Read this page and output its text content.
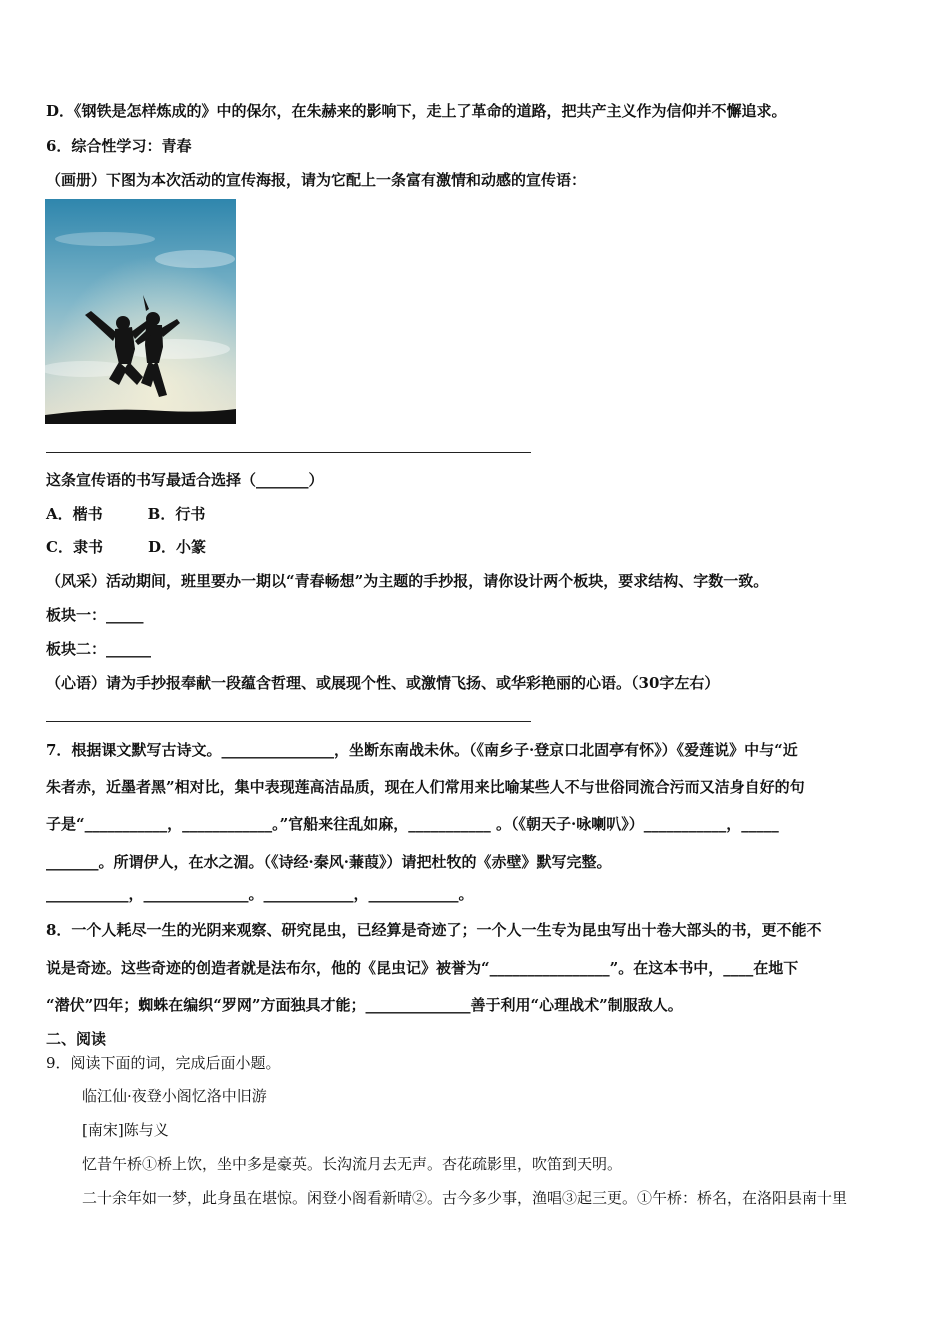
D．《钢铁是怎样炼成的》中的保尔，在朱赫来的影响下，走上了革命的道路，把共产主义作为信仰并不懈追求。
6．综合性学习：青春
（画册）下图为本次活动的宣传海报，请为它配上一条富有激情和动感的宣传语：
这条宣传语的书写最适合选择（_______）
A．楷书　　　B．行书
C．隶书　　　D．小篆
（风采）活动期间，班里要办一期以“青春畅想”为主题的手抄报，请你设计两个板块，要求结构、字数一致。
板块一：_____
板块二：______
（心语）请为手抄报奉献一段蕴含哲理、或展现个性、或激情飞扬、或华彩艳丽的心语。（30字左右）
7．根据课文默写古诗文。_______________，坐断东南战未休。（《南乡子·登京口北固亭有怀》）《爱莲说》中与“近
朱者赤，近墨者黑”相对比，集中表现莲高洁品质，现在人们常用来比喻某些人不与世俗同流合污而又洁身自好的句
子是“___________，____________。”官船来往乱如麻，___________ 。（《朝天子·咏喇叭》）___________，_____
_______。所谓伊人，在水之湄。（《诗经·秦风·蒹葭》）请把杜牧的《赤壁》默写完整。
___________，______________。____________，____________。
8．一个人耗尽一生的光阴来观察、研究昆虫，已经算是奇迹了；一个人一生专为昆虫写出十卷大部头的书，更不能不
说是奇迹。这些奇迹的创造者就是法布尔，他的《昆虫记》被誉为“________________”。在这本书中，____在地下
“潜伏”四年；蜘蛛在编织“罗网”方面独具才能；______________善于利用“心理战术”制服敌人。
二、阅读
9．阅读下面的词，完成后面小题。
临江仙·夜登小阁忆洛中旧游
[南宋]陈与义
忆昔午桥①桥上饮，坐中多是豪英。长沟流月去无声。杏花疏影里，吹笛到天明。
二十余年如一梦，此身虽在堪惊。闲登小阁看新晴②。古今多少事，渔唱③起三更。①午桥：桥名，在洛阳县南十里
